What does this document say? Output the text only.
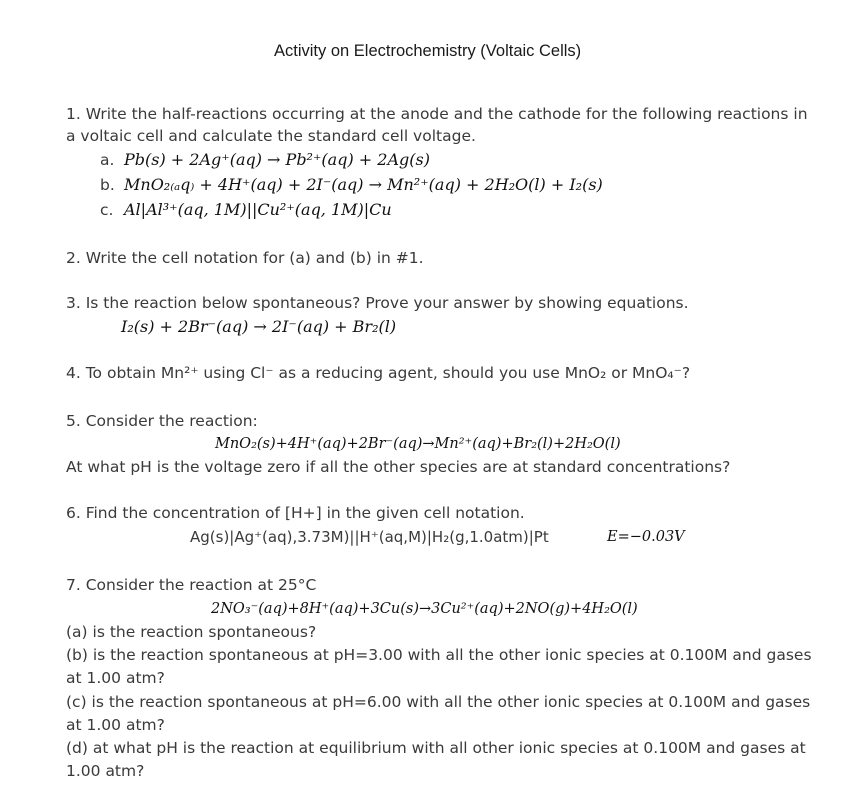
Activity on Electrochemistry (Voltaic Cells)
1. Write the half-reactions occurring at the anode and the cathode for the following reactions in
a voltaic cell and calculate the standard cell voltage.
a. Pb(s) + 2Ag⁺(aq) → Pb²⁺(aq) + 2Ag(s)
b. MnO₂₍ₐq₎ + 4H⁺(aq) + 2I⁻(aq) → Mn²⁺(aq) + 2H₂O(l) + I₂(s)
c. Al|Al³⁺(aq, 1M)||Cu²⁺(aq, 1M)|Cu
2. Write the cell notation for (a) and (b) in #1.
3. Is the reaction below spontaneous? Prove your answer by showing equations.
I₂(s) + 2Br⁻(aq) → 2I⁻(aq) + Br₂(l)
4. To obtain Mn²⁺ using Cl⁻ as a reducing agent, should you use MnO₂ or MnO₄⁻?
5. Consider the reaction:
MnO₂(s)+4H⁺(aq)+2Br⁻(aq)→Mn²⁺(aq)+Br₂(l)+2H₂O(l)
At what pH is the voltage zero if all the other species are at standard concentrations?
6. Find the concentration of [H+] in the given cell notation.
Ag(s)|Ag⁺(aq),3.73M)||H⁺(aq,M)|H₂(g,1.0atm)|Pt	E=−0.03V
7. Consider the reaction at 25°C
2NO₃⁻(aq)+8H⁺(aq)+3Cu(s)→3Cu²⁺(aq)+2NO(g)+4H₂O(l)
(a) is the reaction spontaneous?
(b) is the reaction spontaneous at pH=3.00 with all the other ionic species at 0.100M and gases
at 1.00 atm?
(c) is the reaction spontaneous at pH=6.00 with all the other ionic species at 0.100M and gases
at 1.00 atm?
(d) at what pH is the reaction at equilibrium with all other ionic species at 0.100M and gases at
1.00 atm?
